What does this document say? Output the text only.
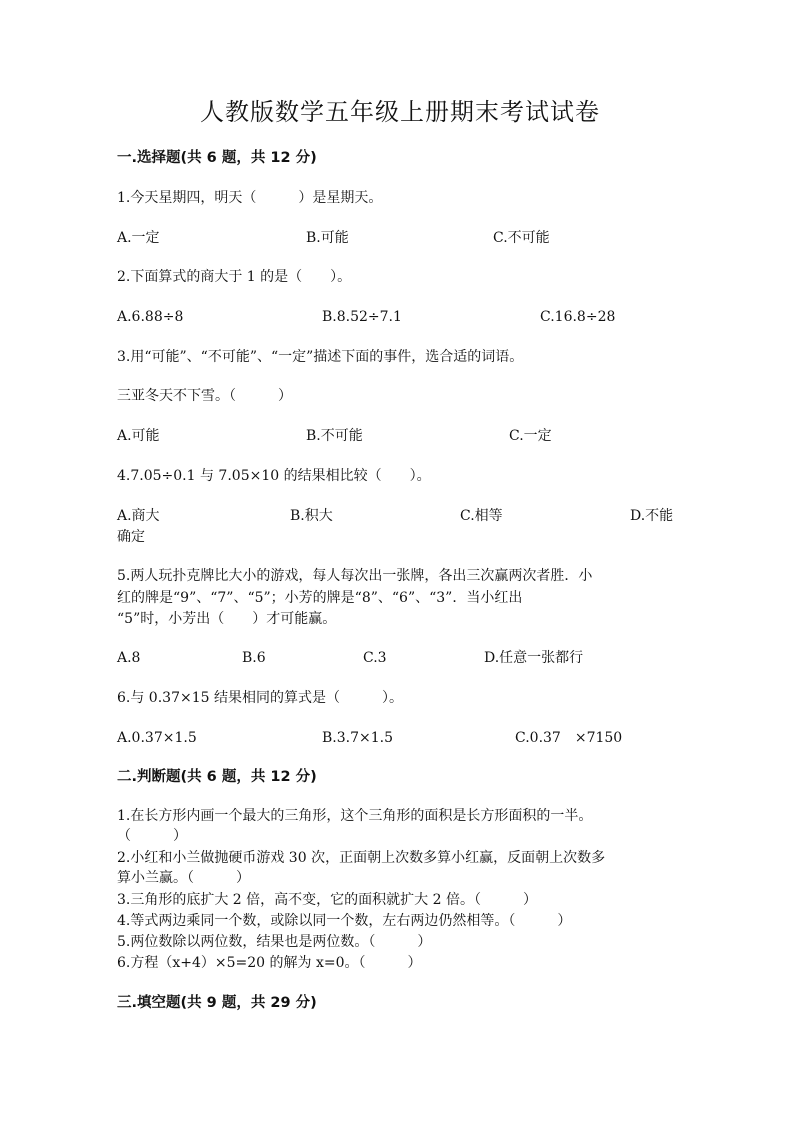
人教版数学五年级上册期末考试试卷
一.选择题(共 6 题，共 12 分)
1.今天星期四，明天（　　　）是星期天。
A.一定	B.可能	C.不可能
2.下面算式的商大于 1 的是（　　）。
A.6.88÷8	B.8.52÷7.1	C.16.8÷28
3.用“可能”、“不可能”、“一定”描述下面的事件，选合适的词语。
三亚冬天不下雪。（　　　）
A.可能	B.不可能	C.一定
4.7.05÷0.1 与 7.05×10 的结果相比较（　　）。
A.商大	B.积大	C.相等	D.不能
确定
5.两人玩扑克牌比大小的游戏，每人每次出一张牌，各出三次赢两次者胜．小
红的牌是“9”、“7”、“5”；小芳的牌是“8”、“6”、“3”．当小红出
“5”时，小芳出（　　）才可能赢。
A.8	B.6	C.3	D.任意一张都行
6.与 0.37×15 结果相同的算式是（　　　）。
A.0.37×1.5	B.3.7×1.5	C.0.37　×7150
二.判断题(共 6 题，共 12 分)
1.在长方形内画一个最大的三角形，这个三角形的面积是长方形面积的一半。
（　　　）
2.小红和小兰做抛硬币游戏 30 次，正面朝上次数多算小红赢，反面朝上次数多
算小兰赢。（　　　）
3.三角形的底扩大 2 倍，高不变，它的面积就扩大 2 倍。（　　　）
4.等式两边乘同一个数，或除以同一个数，左右两边仍然相等。（　　　）
5.两位数除以两位数，结果也是两位数。（　　　）
6.方程（x+4）×5=20 的解为 x=0。（　　　）
三.填空题(共 9 题，共 29 分)
